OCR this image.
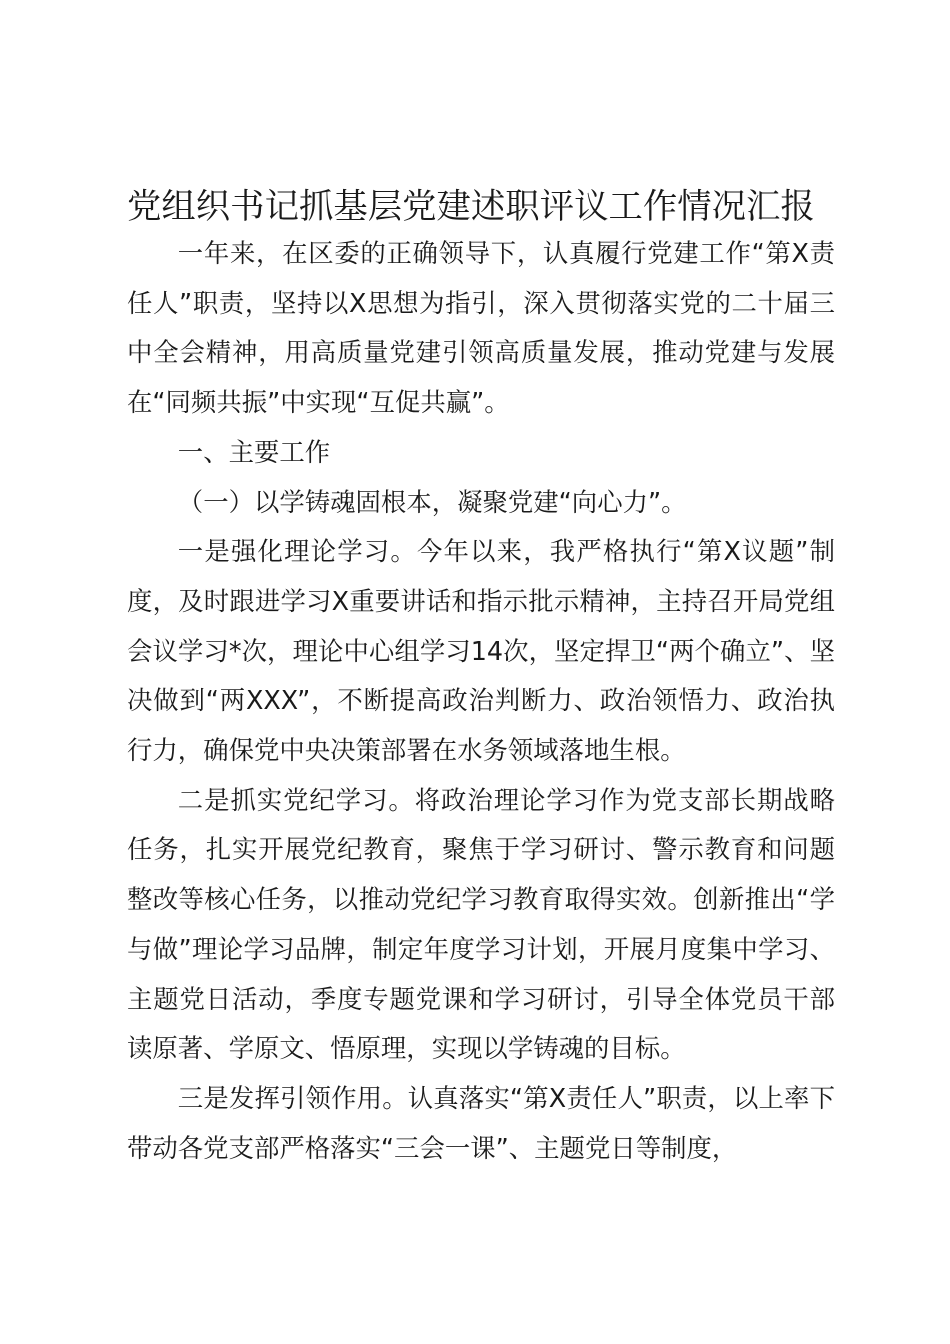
党组织书记抓基层党建述职评议工作情况汇报

一年来，在区委的正确领导下，认真履行党建工作“第X责任人”职责，坚持以X思想为指引，深入贯彻落实党的二十届三中全会精神，用高质量党建引领高质量发展，推动党建与发展在“同频共振”中实现“互促共赢”。

一、主要工作

（一）以学铸魂固根本，凝聚党建“向心力”。

一是强化理论学习。今年以来，我严格执行“第X议题”制度，及时跟进学习X重要讲话和指示批示精神，主持召开局党组会议学习*次，理论中心组学习14次，坚定捍卫“两个确立”、坚决做到“两XXX”，不断提高政治判断力、政治领悟力、政治执行力，确保党中央决策部署在水务领域落地生根。

二是抓实党纪学习。将政治理论学习作为党支部长期战略任务，扎实开展党纪教育，聚焦于学习研讨、警示教育和问题整改等核心任务，以推动党纪学习教育取得实效。创新推出“学与做”理论学习品牌，制定年度学习计划，开展月度集中学习、主题党日活动，季度专题党课和学习研讨，引导全体党员干部读原著、学原文、悟原理，实现以学铸魂的目标。

三是发挥引领作用。认真落实“第X责任人”职责，以上率下带动各党支部严格落实“三会一课”、主题党日等制度，
